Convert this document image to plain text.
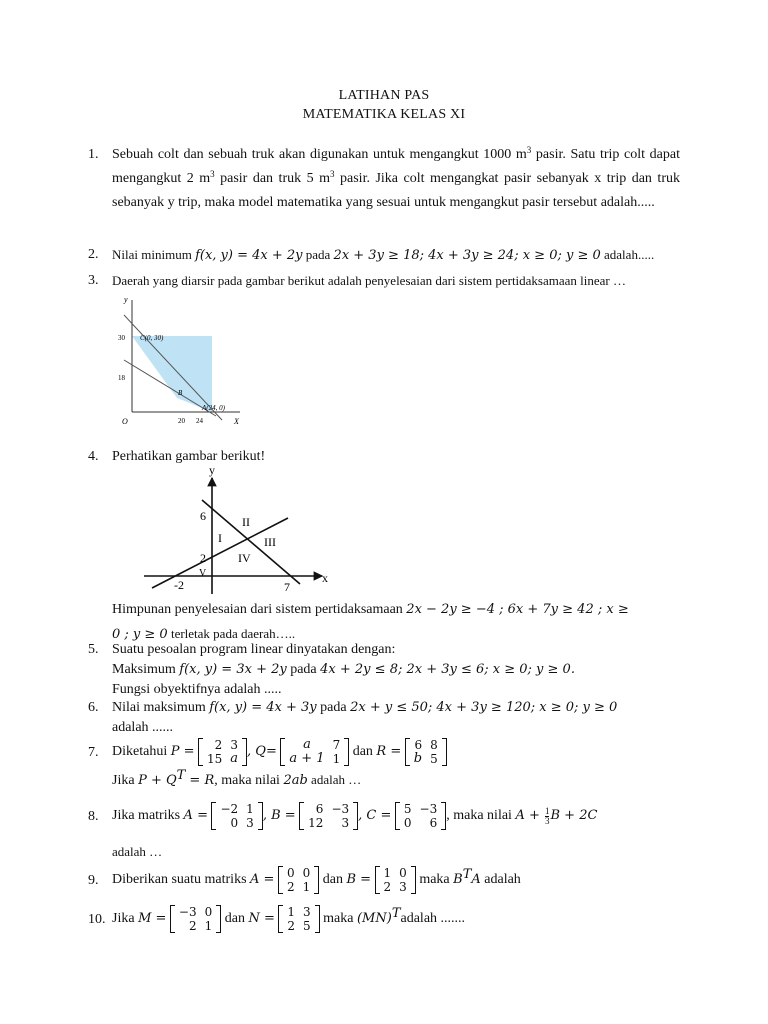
LATIHAN PAS
MATEMATIKA KELAS XI
1. Sebuah colt dan sebuah truk akan digunakan untuk mengangkut 1000 $m^3$ pasir. Satu trip colt dapat mengangkut 2 $m^3$ pasir dan truk 5 $m^3$ pasir. Jika colt mengangkat pasir sebanyak x trip dan truk sebanyak y trip, maka model matematika yang sesuai untuk mengangkut pasir tersebut adalah.....
2.	Nilai minimum f(x, y) = 4x + 2y pada 2x + 3y ≥ 18; 4x + 3y ≥ 24; x ≥ 0; y ≥ 0 adalah.....
3.	Daerah yang diarsir pada gambar berikut adalah penyelesaian dari sistem pertidaksamaan linear …
y
X
O
30
18
20 24
C(0, 30)
B
A(24, 0)
4. Perhatikan gambar berikut!
y
x
6
2
-2	7
I
II
III
IV
V
Himpunan penyelesaian dari sistem pertidaksamaan 2x − 2y ≥ −4 ; 6x + 7y ≥ 42 ; x ≥
0 ; y ≥ 0 terletak pada daerah…..
5. Suatu pesoalan program linear dinyatakan dengan:
Maksimum f(x, y) = 3x + 2y pada 4x + 2y ≤ 8; 2x + 3y ≤ 6; x ≥ 0; y ≥ 0.
Fungsi obyektifnya adalah .....
6. Nilai maksimum f(x, y) = 4x + 3y pada 2x + y ≤ 50; 4x + 3y ≥ 120; x ≥ 0; y ≥ 0
adalah ......
7. Diketahui P = 2	3
15	a , Q= a	7
a + 1	1 dan R = 6	8
b	5
Jika $P + Q^T = R$, maka nilai 2ab adalah …
8. Jika matriks A = −2	1
0	3 , B = 6	−3
12	3 , C = 5	−3
0	6 , maka nilai $A + \frac{1}{3}$ B + 2C
adalah …
9. Diberikan suatu matriks A = 0	0
2	1 dan B = 1	0
2	3 maka $B^TA$ adalah
10. Jika M = −3	0
2	1 dan N = 1	3
2	5 maka (MN)$^T$adalah .......
